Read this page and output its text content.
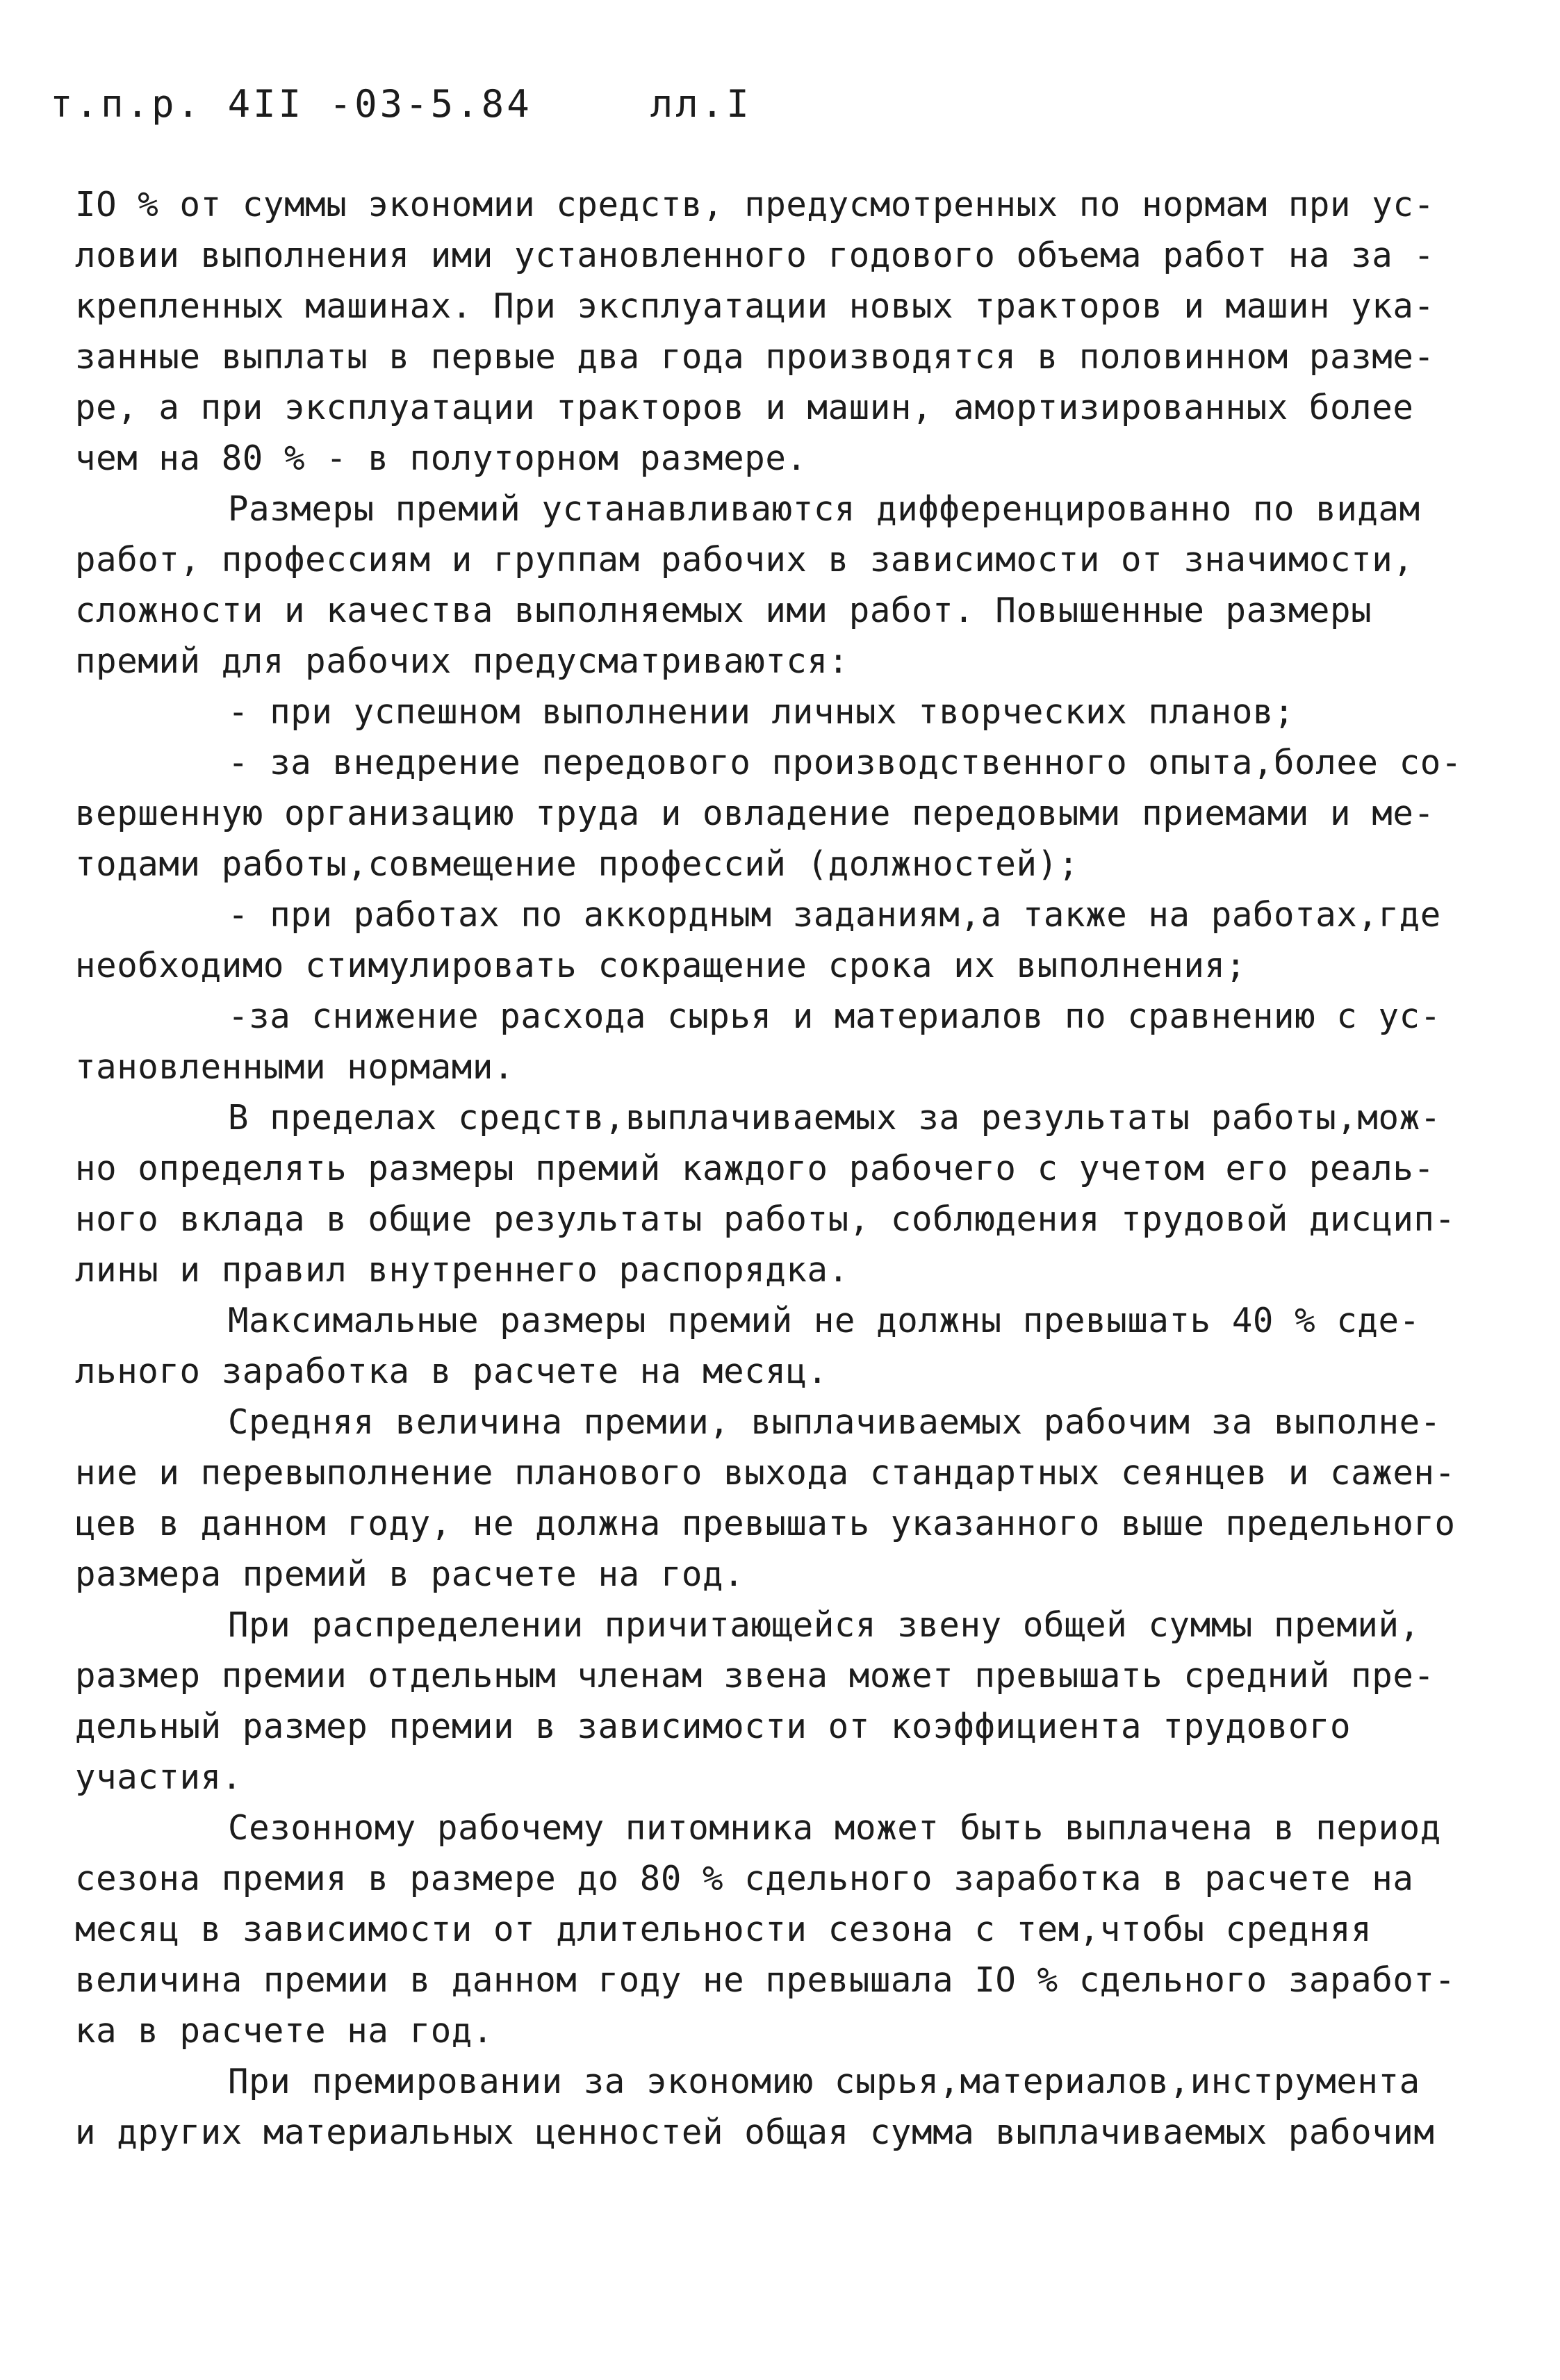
т.п.р. 4II -03-5.84	лл.I
IO % от суммы экономии средств, предусмотренных по нормам при ус-
ловии выполнения ими установленного годового объема работ на за -
крепленных машинах. При эксплуатации новых тракторов и машин ука-
занные выплаты в первые два года производятся в половинном разме-
ре, а при эксплуатации тракторов и машин, амортизированных более
чем на 80 % - в полуторном размере.
Размеры премий устанавливаются дифференцированно по видам
работ, профессиям и группам рабочих в зависимости от значимости,
сложности и качества выполняемых ими работ. Повышенные размеры
премий для рабочих предусматриваются:
- при успешном выполнении личных творческих планов;
- за внедрение передового производственного опыта,более со-
вершенную организацию труда и овладение передовыми приемами и ме-
тодами работы,совмещение профессий (должностей);
- при работах по аккордным заданиям,а также на работах,где
необходимо стимулировать сокращение срока их выполнения;
-за снижение расхода сырья и материалов по сравнению с ус-
тановленными нормами.
В пределах средств,выплачиваемых за результаты работы,мож-
но определять размеры премий каждого рабочего с учетом его реаль-
ного вклада в общие результаты работы, соблюдения трудовой дисцип-
лины и правил внутреннего распорядка.
Максимальные размеры премий не должны превышать 40 % сде-
льного заработка в расчете на месяц.
Средняя величина премии, выплачиваемых рабочим за выполне-
ние и перевыполнение планового выхода стандартных сеянцев и сажен-
цев в данном году, не должна превышать указанного выше предельного
размера премий в расчете на год.
При распределении причитающейся звену общей суммы премий,
размер премии отдельным членам звена может превышать средний пре-
дельный размер премии в зависимости от коэффициента трудового
участия.
Сезонному рабочему питомника может быть выплачена в период
сезона премия в размере до 80 % сдельного заработка в расчете на
месяц в зависимости от длительности сезона с тем,чтобы средняя
величина премии в данном году не превышала IO % сдельного заработ-
ка в расчете на год.
При премировании за экономию сырья,материалов,инструмента
и других материальных ценностей общая сумма выплачиваемых рабочим
